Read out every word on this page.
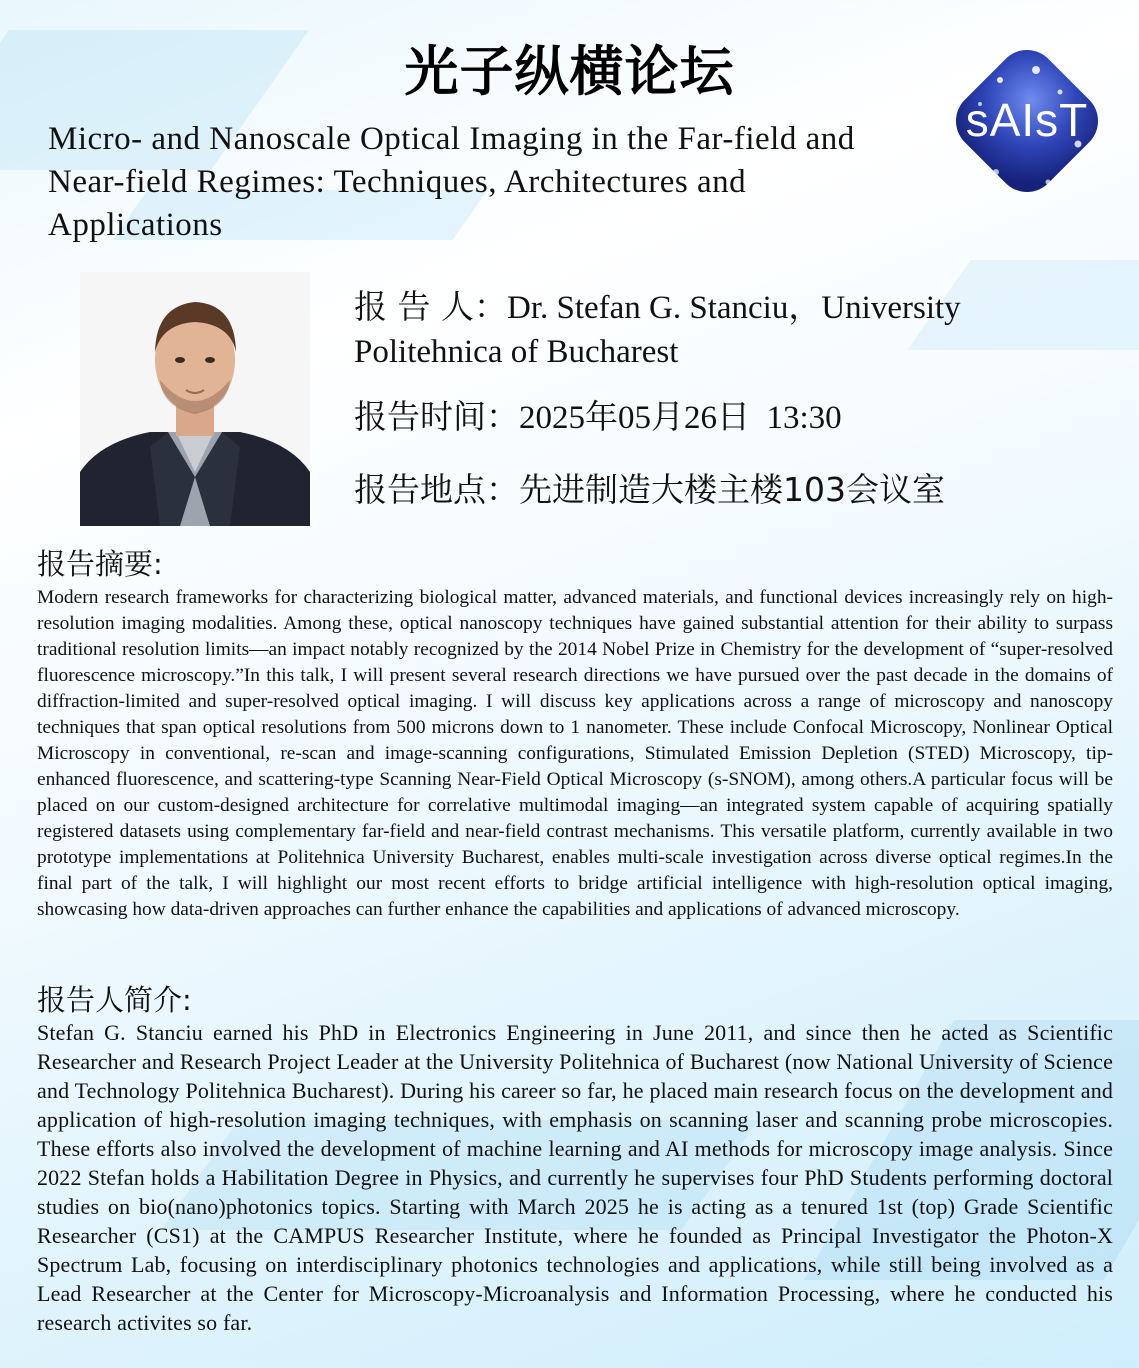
光子纵横论坛
Micro- and Nanoscale Optical Imaging in the Far-field and Near-field Regimes: Techniques, Architectures and Applications
sAIsT
报 告 人：Dr. Stefan G. Stanciu，University Politehnica of Bucharest
报告时间：2025年05月26日  13:30
报告地点：先进制造大楼主楼103会议室
报告摘要:

Modern research frameworks for characterizing biological matter, advanced materials, and functional devices increasingly rely on high-resolution imaging modalities. Among these, optical nanoscopy techniques have gained substantial attention for their ability to surpass traditional resolution limits—an impact notably recognized by the 2014 Nobel Prize in Chemistry for the development of “super-resolved fluorescence microscopy.”In this talk, I will present several research directions we have pursued over the past decade in the domains of diffraction-limited and super-resolved optical imaging. I will discuss key applications across a range of microscopy and nanoscopy techniques that span optical resolutions from 500 microns down to 1 nanometer. These include Confocal Microscopy, Nonlinear Optical Microscopy in conventional, re-scan and image-scanning configurations, Stimulated Emission Depletion (STED) Microscopy, tip-enhanced fluorescence, and scattering-type Scanning Near-Field Optical Microscopy (s-SNOM), among others.A particular focus will be placed on our custom-designed architecture for correlative multimodal imaging—an integrated system capable of acquiring spatially registered datasets using complementary far-field and near-field contrast mechanisms. This versatile platform, currently available in two prototype implementations at Politehnica University Bucharest, enables multi-scale investigation across diverse optical regimes.In the final part of the talk, I will highlight our most recent efforts to bridge artificial intelligence with high-resolution optical imaging, showcasing how data-driven approaches can further enhance the capabilities and applications of advanced microscopy.

报告人简介:

Stefan G. Stanciu earned his PhD in Electronics Engineering in June 2011, and since then he acted as Scientific Researcher and Research Project Leader at the University Politehnica of Bucharest (now National University of Science and Technology Politehnica Bucharest). During his career so far, he placed main research focus on the development and application of high-resolution imaging techniques, with emphasis on scanning laser and scanning probe microscopies. These efforts also involved the development of machine learning and AI methods for microscopy image analysis. Since 2022 Stefan holds a Habilitation Degree in Physics, and currently he supervises four PhD Students performing doctoral studies on bio(nano)photonics topics. Starting with March 2025 he is acting as a tenured 1st (top) Grade Scientific Researcher (CS1) at the CAMPUS Researcher Institute, where he founded as Principal Investigator the Photon-X Spectrum Lab, focusing on interdisciplinary photonics technologies and applications, while still being involved as a Lead Researcher at the Center for Microscopy-Microanalysis and Information Processing, where he conducted his research activites so far.
